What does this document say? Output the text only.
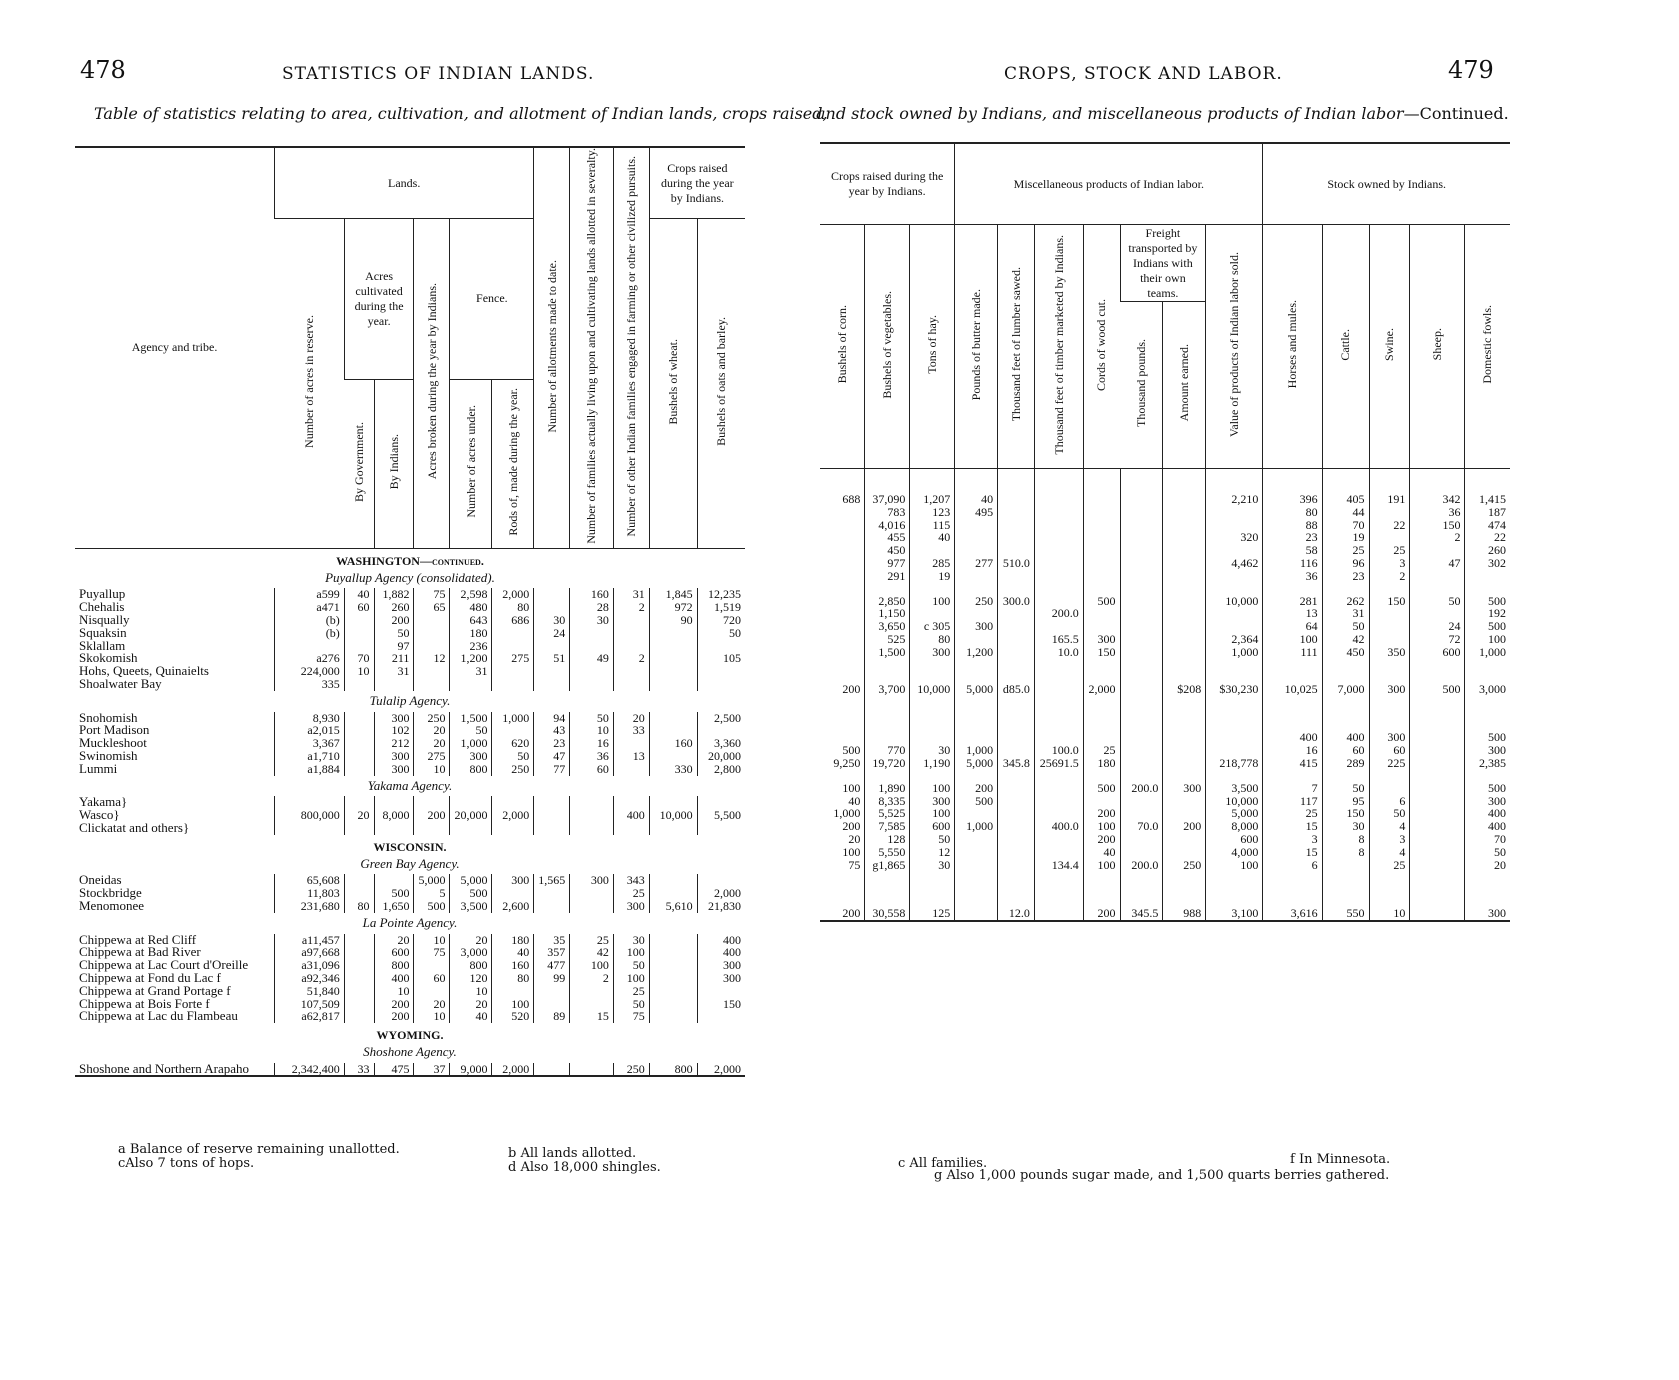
478	STATISTICS OF INDIAN LANDS.
Table of statistics relating to area, cultivation, and allotment of Indian lands, crops raised,
Agency and tribe.	Lands.						Number of allotments made to date.	Number of families actually living upon and cultivating lands allotted in severalty.	Number of other Indian families engaged in farming or other civilized pursuits.	Crops raised during the year by Indians.	
	Number of acres in reserve.	Acres cultivated during the year.		Acres broken during the year by Indians.	Fence.					Bushels of wheat.	Bushels of oats and barley.
		By Government.	By Indians.		Number of acres under.	Rods of, made during the year.					
WASHINGTON—continued.											
Puyallup Agency (consolidated).											
Puyallup	a599	40	1,882	75	2,598	2,000		160	31	1,845	12,235
Chehalis	a471	60	260	65	480	80		28	2	972	1,519
Nisqually	(b)		200		643	686	30	30		90	720
Squaksin	(b)		50		180		24				50
Sklallam			97		236						
Skokomish	a276	70	211	12	1,200	275	51	49	2		105
Hohs, Queets, Quinaielts	224,000	10	31		31						
Shoalwater Bay	335										
Tulalip Agency.											
Snohomish	8,930		300	250	1,500	1,000	94	50	20		2,500
Port Madison	a2,015		102	20	50		43	10	33		
Muckleshoot	3,367		212	20	1,000	620	23	16		160	3,360
Swinomish	a1,710		300	275	300	50	47	36	13		20,000
Lummi	a1,884		300	10	800	250	77	60		330	2,800
Yakama Agency.											
Yakama}											
Wasco}	800,000	20	8,000	200	20,000	2,000			400	10,000	5,500
Clickatat and others}											
WISCONSIN.											
Green Bay Agency.											
Oneidas	65,608			5,000	5,000	300	1,565	300	343		
Stockbridge	11,803		500	5	500				25		2,000
Menomonee	231,680	80	1,650	500	3,500	2,600			300	5,610	21,830
La Pointe Agency.											
Chippewa at Red Cliff	a11,457		20	10	20	180	35	25	30		400
Chippewa at Bad River	a97,668		600	75	3,000	40	357	42	100		400
Chippewa at Lac Court d'Oreille	a31,096		800		800	160	477	100	50		300
Chippewa at Fond du Lac f	a92,346		400	60	120	80	99	2	100		300
Chippewa at Grand Portage f	51,840		10		10				25		
Chippewa at Bois Forte f	107,509		200	20	20	100			50		150
Chippewa at Lac du Flambeau	a62,817		200	10	40	520	89	15	75		
WYOMING.											
Shoshone Agency.											
Shoshone and Northern Arapaho	2,342,400	33	475	37	9,000	2,000			250	800	2,000
a Balance of reserve remaining unallotted.
cAlso 7 tons of hops.
b All lands allotted.
d Also 18,000 shingles.
CROPS, STOCK AND LABOR.	479
and stock owned by Indians, and miscellaneous products of Indian labor—Continued.
Crops raised during the year by Indians.			Miscellaneous products of Indian labor.							Stock owned by Indians.				
Bushels of corn.	Bushels of vegetables.	Tons of hay.	Pounds of butter made.	Thousand feet of lumber sawed.	Thousand feet of timber marketed by Indians.	Cords of wood cut.	Freight transported by Indians with their own teams.		Value of products of Indian labor sold.	Horses and mules.	Cattle.	Swine.	Sheep.	Domestic fowls.
							Thousand pounds.	Amount earned.						

688	37,090	1,207	40						2,210	396	405	191	342	1,415
	783	123	495							80	44		36	187
	4,016	115								88	70	22	150	474
	455	40							320	23	19		2	22
	450									58	25	25		260
	977	285	277	510.0					4,462	116	96	3	47	302
	291	19								36	23	2		

	2,850	100	250	300.0		500			10,000	281	262	150	50	500
	1,150				200.0					13	31			192
	3,650	c 305	300							64	50		24	500
	525	80			165.5	300			2,364	100	42		72	100
	1,500	300	1,200		10.0	150			1,000	111	450	350	600	1,000

200	3,700	10,000	5,000	d85.0		2,000		$208	$30,230	10,025	7,000	300	500	3,000

										400	400	300		500
500	770	30	1,000		100.0	25				16	60	60		300
9,250	19,720	1,190	5,000	345.8	25691.5	180			218,778	415	289	225		2,385

100	1,890	100	200			500	200.0	300	3,500	7	50			500
40	8,335	300	500						10,000	117	95	6		300
1,000	5,525	100				200			5,000	25	150	50		400
200	7,585	600	1,000		400.0	100	70.0	200	8,000	15	30	4		400
20	128	50				200			600	3	8	3		70
100	5,550	12				40			4,000	15	8	4		50
75	g1,865	30			134.4	100	200.0	250	100	6		25		20

200	30,558	125		12.0		200	345.5	988	3,100	3,616	550	10		300
c All families.	f In Minnesota.
g Also 1,000 pounds sugar made, and 1,500 quarts berries gathered.
